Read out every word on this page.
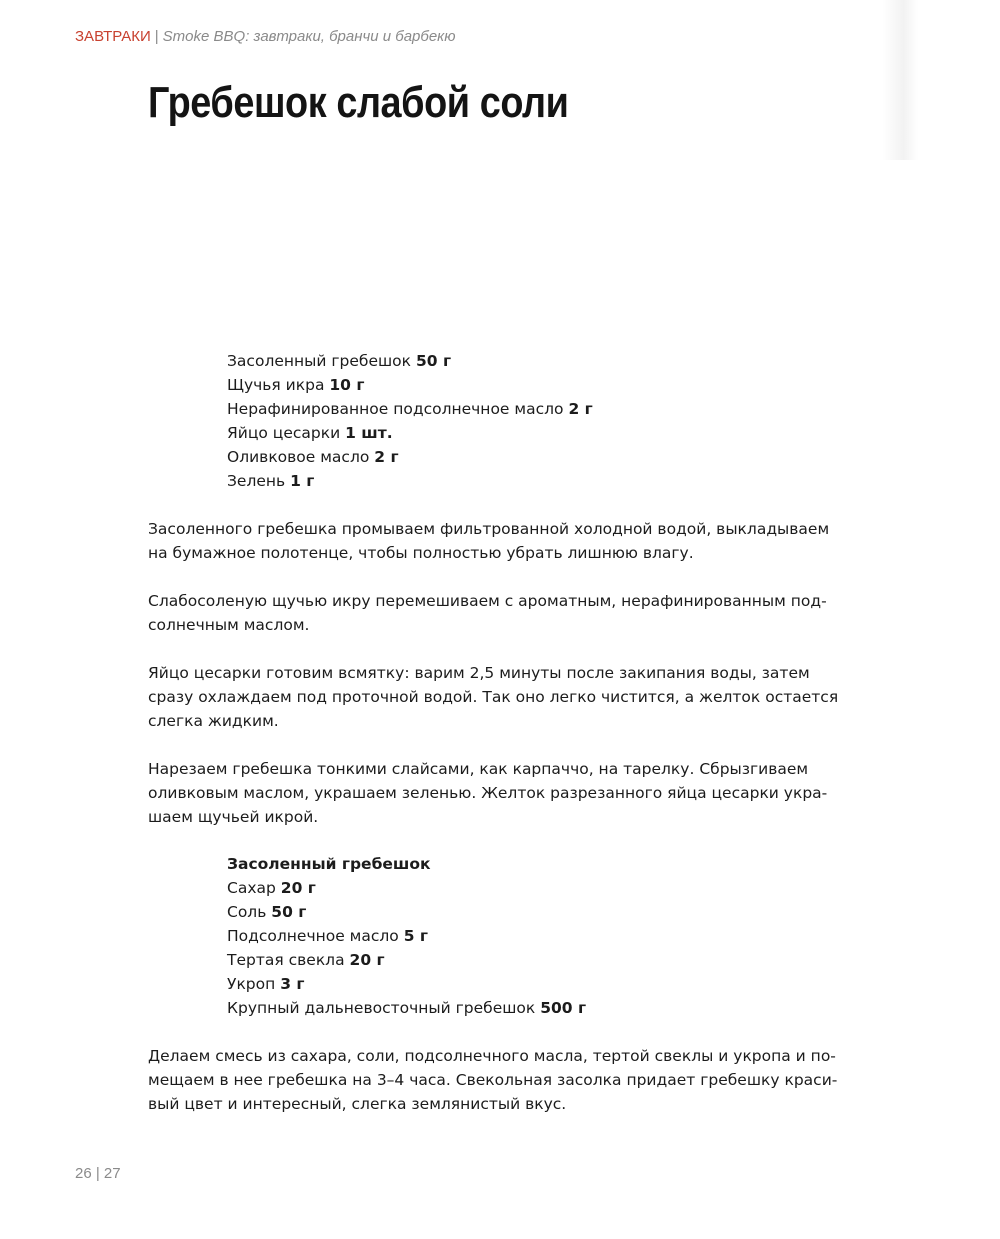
ЗАВТРАКИ | Smoke BBQ: завтраки, бранчи и барбекю
Гребешок слабой соли
Засоленный гребешок 50 г
Щучья икра 10 г
Нерафинированное подсолнечное масло 2 г
Яйцо цесарки 1 шт.
Оливковое масло 2 г
Зелень 1 г
Засоленного гребешка промываем фильтрованной холодной водой, выкладываем
на бумажное полотенце, чтобы полностью убрать лишнюю влагу.
Слабосоленую щучью икру перемешиваем с ароматным, нерафинированным под-
солнечным маслом.
Яйцо цесарки готовим всмятку: варим 2,5 минуты после закипания воды, затем
сразу охлаждаем под проточной водой. Так оно легко чистится, а желток остается
слегка жидким.
Нарезаем гребешка тонкими слайсами, как карпаччо, на тарелку. Сбрызгиваем
оливковым маслом, украшаем зеленью. Желток разрезанного яйца цесарки укра-
шаем щучьей икрой.
Засоленный гребешок
Сахар 20 г
Соль 50 г
Подсолнечное масло 5 г
Тертая свекла 20 г
Укроп 3 г
Крупный дальневосточный гребешок 500 г
Делаем смесь из сахара, соли, подсолнечного масла, тертой свеклы и укропа и по-
мещаем в нее гребешка на 3–4 часа. Свекольная засолка придает гребешку краси-
вый цвет и интересный, слегка землянистый вкус.
26 | 27
